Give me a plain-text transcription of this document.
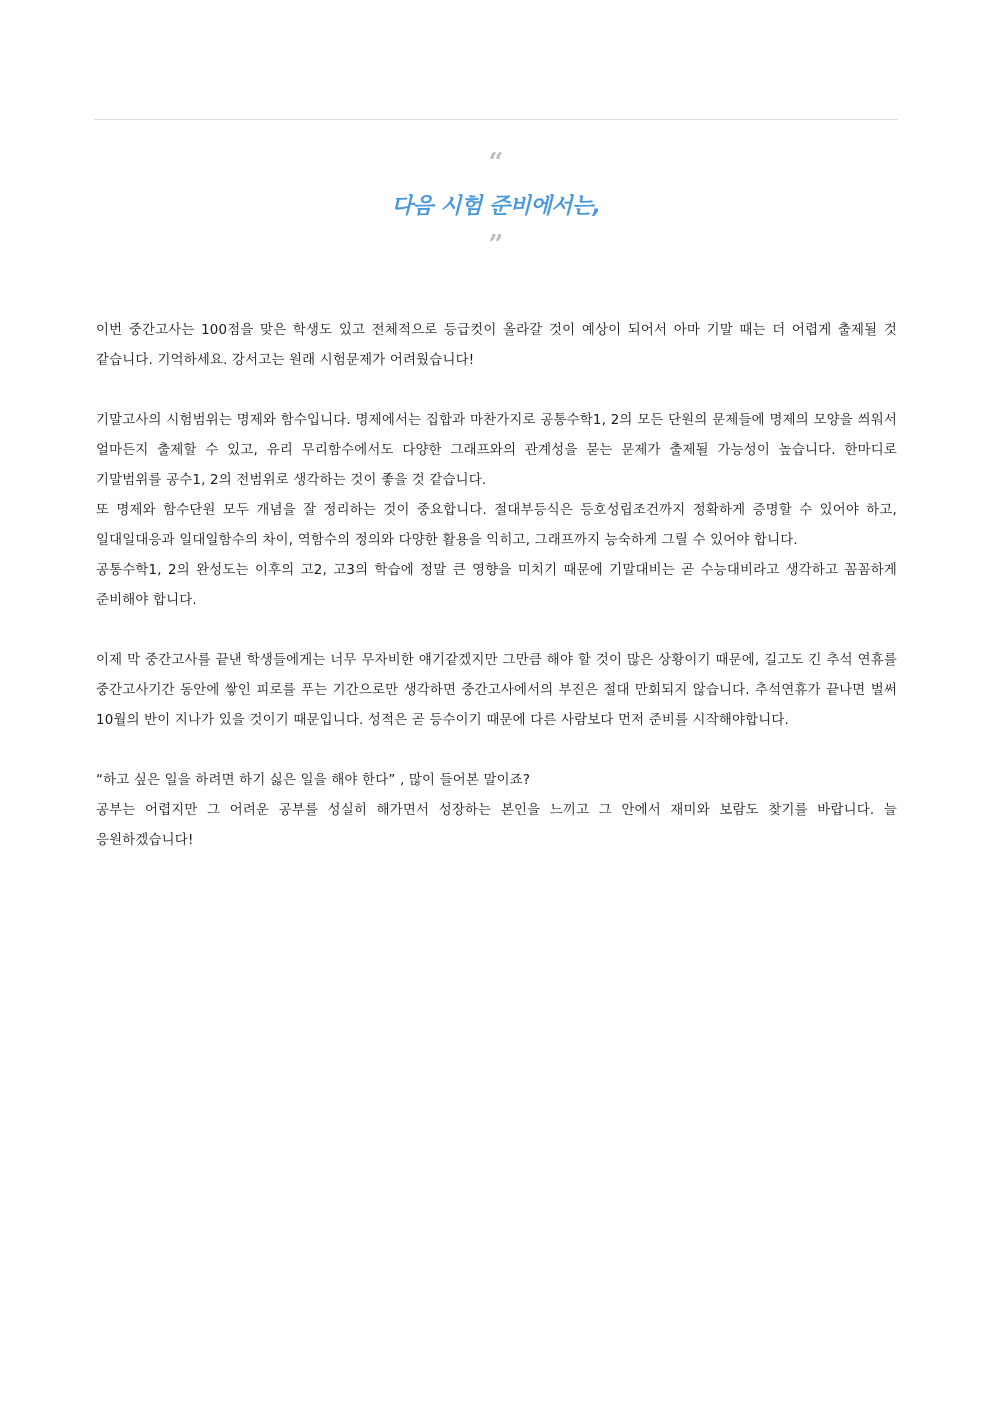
“
다음 시험 준비에서는,
”

이번 중간고사는 100점을 맞은 학생도 있고 전체적으로 등급컷이 올라갈 것이 예상이 되어서 아마 기말 때는 더 어렵게 출제될 것 같습니다. 기억하세요. 강서고는 원래 시험문제가 어려웠습니다!

기말고사의 시험범위는 명제와 함수입니다. 명제에서는 집합과 마찬가지로 공통수학1, 2의 모든 단원의 문제들에 명제의 모양을 씌워서 얼마든지 출제할 수 있고, 유리 무리함수에서도 다양한 그래프와의 관계성을 묻는 문제가 출제될 가능성이 높습니다. 한마디로 기말범위를 공수1, 2의 전범위로 생각하는 것이 좋을 것 같습니다.
또 명제와 함수단원 모두 개념을 잘 정리하는 것이 중요합니다. 절대부등식은 등호성립조건까지 정확하게 증명할 수 있어야 하고, 일대일대응과 일대일함수의 차이, 역함수의 정의와 다양한 활용을 익히고, 그래프까지 능숙하게 그릴 수 있어야 합니다.
공통수학1, 2의 완성도는 이후의 고2, 고3의 학습에 정말 큰 영향을 미치기 때문에 기말대비는 곧 수능대비라고 생각하고 꼼꼼하게 준비해야 합니다.

이제 막 중간고사를 끝낸 학생들에게는 너무 무자비한 얘기같겠지만 그만큼 해야 할 것이 많은 상황이기 때문에, 길고도 긴 추석 연휴를 중간고사기간 동안에 쌓인 피로를 푸는 기간으로만 생각하면 중간고사에서의 부진은 절대 만회되지 않습니다. 추석연휴가 끝나면 벌써 10월의 반이 지나가 있을 것이기 때문입니다. 성적은 곧 등수이기 때문에 다른 사람보다 먼저 준비를 시작해야합니다.

“하고 싶은 일을 하려면 하기 싫은 일을 해야 한다” , 많이 들어본 말이죠?
공부는 어렵지만 그 어려운 공부를 성실히 해가면서 성장하는 본인을 느끼고 그 안에서 재미와 보람도 찾기를 바랍니다. 늘 응원하겠습니다!
